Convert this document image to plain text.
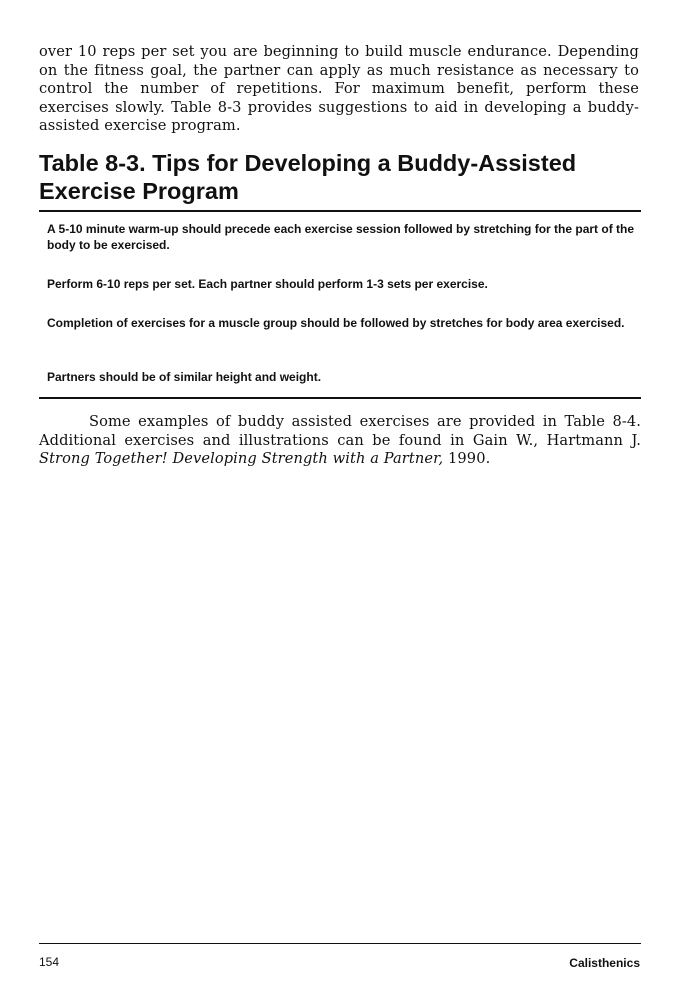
over 10 reps per set you are beginning to build muscle endurance. Depending on the fitness goal, the partner can apply as much resistance as necessary to control the number of repetitions. For maximum benefit, perform these exercises slowly. Table 8-3 provides suggestions to aid in developing a buddy-assisted exercise program.

Table 8-3. Tips for Developing a Buddy-Assisted Exercise Program
A 5-10 minute warm-up should precede each exercise session followed by stretching for the part of the body to be exercised.
Perform 6-10 reps per set. Each partner should perform 1-3 sets per exercise.
Completion of exercises for a muscle group should be followed by stretches for body area exercised.
Partners should be of similar height and weight.

Some examples of buddy assisted exercises are provided in Table 8-4. Additional exercises and illustrations can be found in Gain W., Hartmann J. Strong Together! Developing Strength with a Partner, 1990.

154	Calisthenics
